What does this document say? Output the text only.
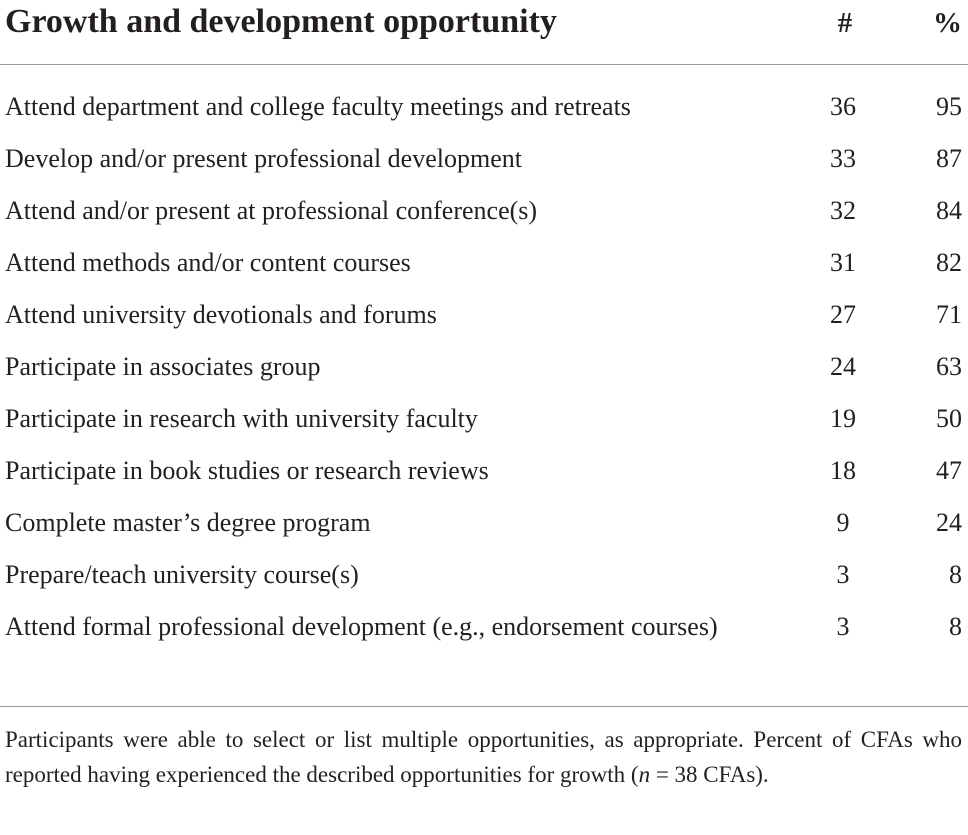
Growth and development opportunity	#	%
Attend department and college faculty meetings and retreats	36	95
Develop and/or present professional development	33	87
Attend and/or present at professional conference(s)	32	84
Attend methods and/or content courses	31	82
Attend university devotionals and forums	27	71
Participate in associates group	24	63
Participate in research with university faculty	19	50
Participate in book studies or research reviews	18	47
Complete master’s degree program	9	24
Prepare/teach university course(s)	3	8
Attend formal professional development (e.g., endorsement courses)	3	8
Participants were able to select or list multiple opportunities, as appropriate. Percent of CFAs who reported having experienced the described opportunities for growth (n = 38 CFAs).
